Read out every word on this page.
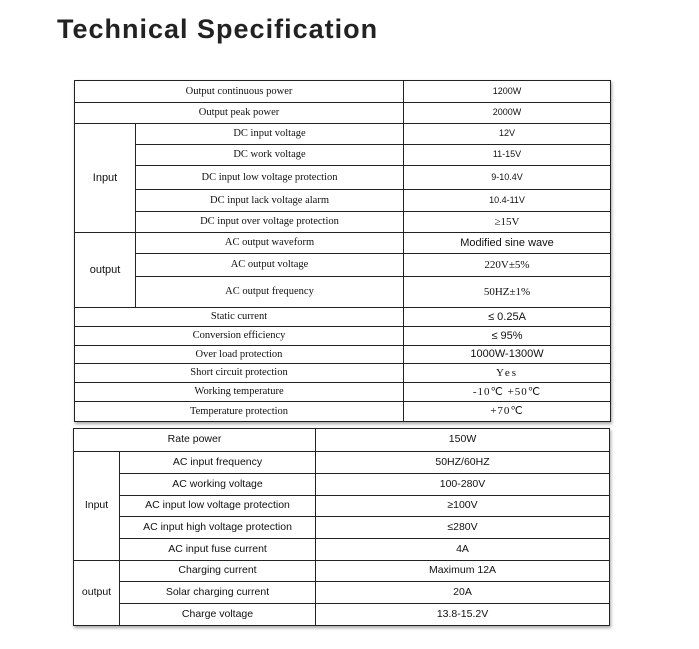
Technical Specification
Output continuous power		1200W
Output peak power		2000W
Input	DC input voltage	12V
	DC work voltage	11-15V
	DC input low voltage protection	9-10.4V
	DC input lack voltage alarm	10.4-11V
	DC input over voltage protection	≥15V
output	AC output waveform	Modified sine wave
	AC output voltage	220V±5%
	AC output frequency	50HZ±1%
Static current		≤ 0.25A
Conversion efficiency		≤ 95%
Over load protection		1000W-1300W
Short circuit protection		Yes
Working temperature		-10℃ +50℃
Temperature protection		+70℃
Rate power		150W
Input	AC input frequency	50HZ/60HZ
	AC working voltage	100-280V
	AC input low voltage protection	≥100V
	AC input high voltage protection	≤280V
	AC input fuse current	4A
output	Charging current	Maximum 12A
	Solar charging current	20A
	Charge voltage	13.8-15.2V
